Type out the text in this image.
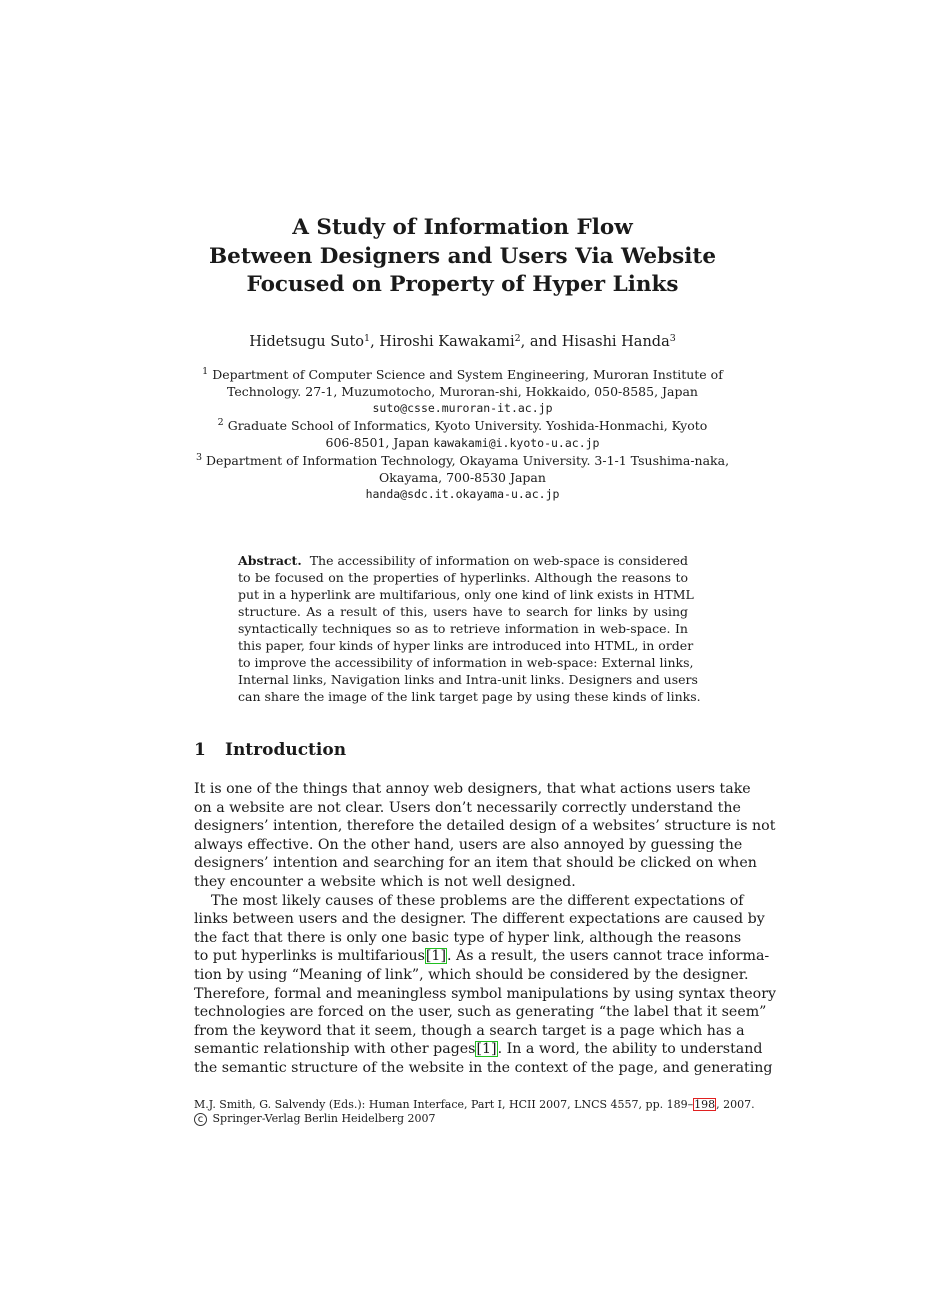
A Study of Information Flow
Between Designers and Users Via Website
Focused on Property of Hyper Links
Hidetsugu Suto$^1$, Hiroshi Kawakami$^2$, and Hisashi Handa$^3$
$^1$ Department of Computer Science and System Engineering, Muroran Institute of
Technology. 27-1, Muzumotocho, Muroran-shi, Hokkaido, 050-8585, Japan
suto@csse.muroran-it.ac.jp
$^2$ Graduate School of Informatics, Kyoto University. Yoshida-Honmachi, Kyoto
606-8501, Japan kawakami@i.kyoto-u.ac.jp
$^3$ Department of Information Technology, Okayama University. 3-1-1 Tsushima-naka,
Okayama, 700-8530 Japan
handa@sdc.it.okayama-u.ac.jp
Abstract. The accessibility of information on web-space is considered
to be focused on the properties of hyperlinks. Although the reasons to
put in a hyperlink are multifarious, only one kind of link exists in HTML
structure. As a result of this, users have to search for links by using
syntactically techniques so as to retrieve information in web-space. In
this paper, four kinds of hyper links are introduced into HTML, in order
to improve the accessibility of information in web-space: External links,
Internal links, Navigation links and Intra-unit links. Designers and users
can share the image of the link target page by using these kinds of links.
1 Introduction
It is one of the things that annoy web designers, that what actions users take
on a website are not clear. Users don’t necessarily correctly understand the
designers’ intention, therefore the detailed design of a websites’ structure is not
always effective. On the other hand, users are also annoyed by guessing the
designers’ intention and searching for an item that should be clicked on when
they encounter a website which is not well designed.
The most likely causes of these problems are the different expectations of
links between users and the designer. The different expectations are caused by
the fact that there is only one basic type of hyper link, although the reasons
to put hyperlinks is multifarious[1]. As a result, the users cannot trace informa-
tion by using “Meaning of link”, which should be considered by the designer.
Therefore, formal and meaningless symbol manipulations by using syntax theory
technologies are forced on the user, such as generating “the label that it seem”
from the keyword that it seem, though a search target is a page which has a
semantic relationship with other pages[1]. In a word, the ability to understand
the semantic structure of the website in the context of the page, and generating
M.J. Smith, G. Salvendy (Eds.): Human Interface, Part I, HCII 2007, LNCS 4557, pp. 189–198, 2007.
c Springer-Verlag Berlin Heidelberg 2007
